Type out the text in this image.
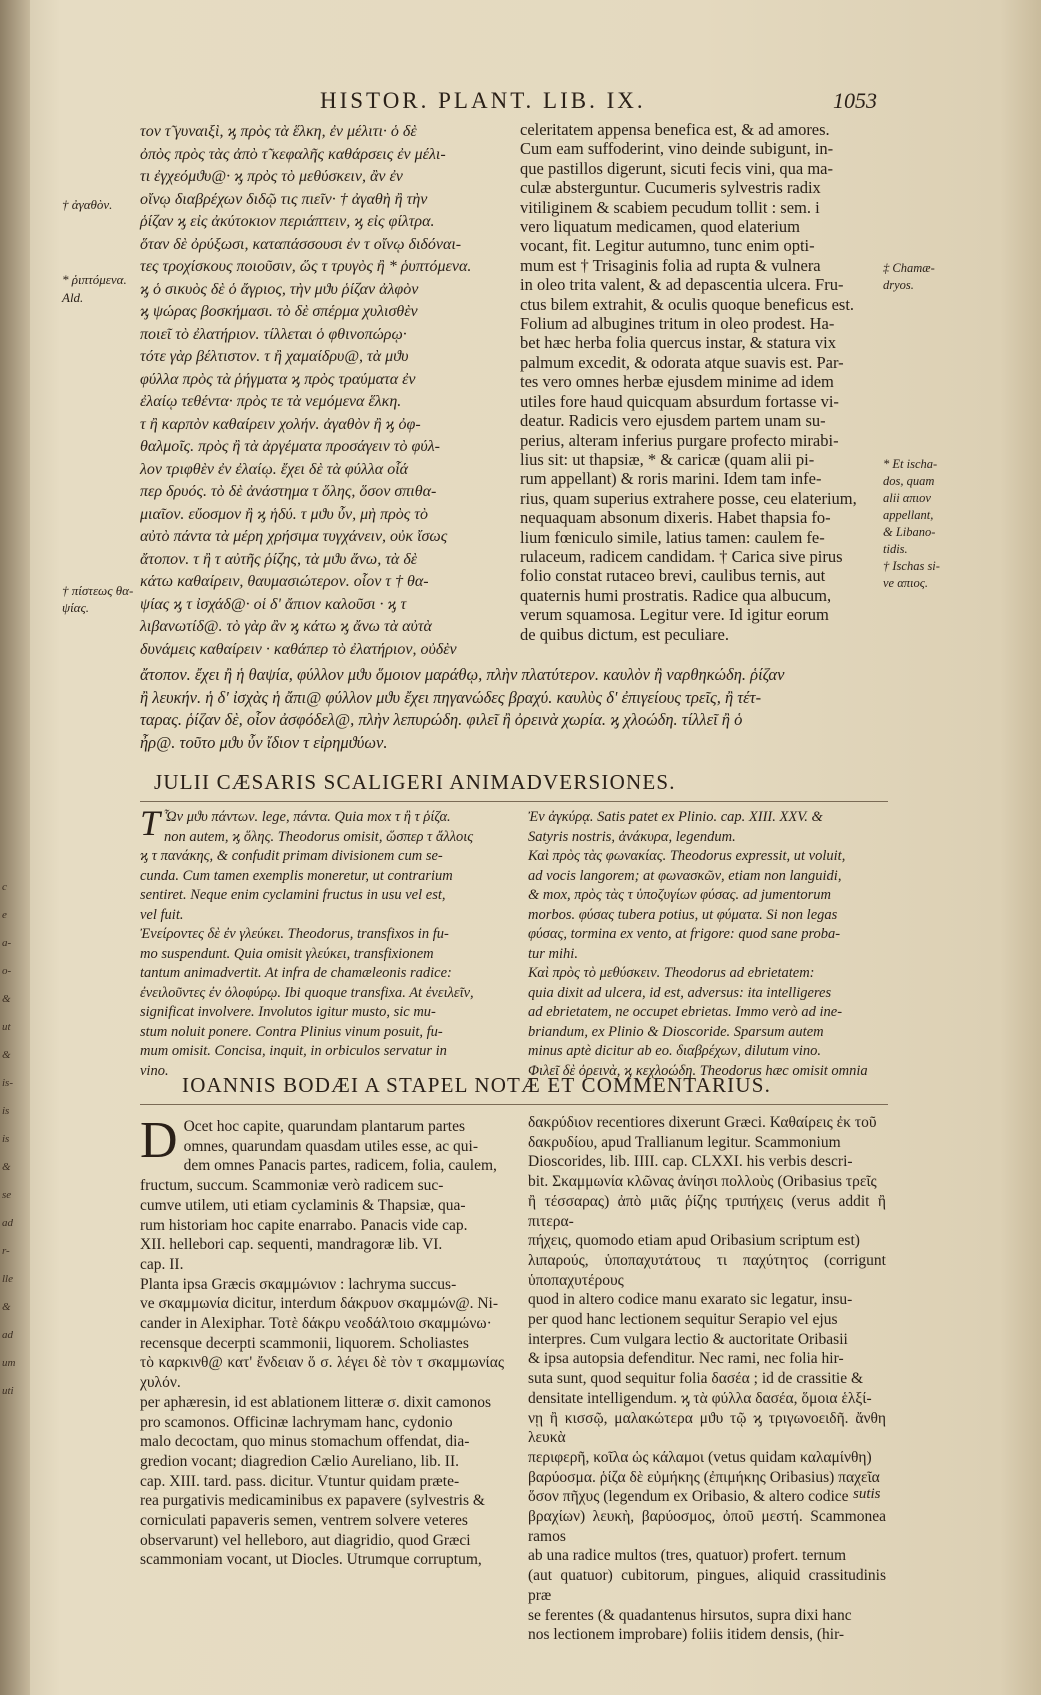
c
e
a-
o-
&
ut
&
is-
is
is
&
se
ad
r-
lle
&
ad
um
uti
HISTOR. PLANT. LIB. IX.	1053

τον τ̃ γυναιξὶ, ϗ πρὸς τὰ ἕλκη, ἐν μέλιτι· ὁ δὲ

ὀπὸς πρὸς τὰς ἀπὸ τ̃ κεφαλῆς καθάρσεις ἐν μέλι-

τι ἐγχεόμϑυ@· ϗ πρὸς τὸ μεθύσκειν, ἂν ἐν

οἴνῳ διαβρέχων διδῷ τις πιεῖν· † ἀγαθὴ ἢ τὴν

ῥίζαν ϗ εἰς ἀκύτοκιον περιάπτειν, ϗ εἰς φίλτρα.

ὅταν δὲ ὀρύξωσι, καταπάσσουσι ἐν τ οἴνῳ διδόναι-

τες τροχίσκους ποιοῦσιν, ὥς τ τρυγὸς ἢ * ῥυπτόμενα.

ϗ ὁ σικυὸς δὲ ὁ ἄγριος, τὴν μϑυ ῥίζαν ἀλφὸν

ϗ ψώρας βοσκήμασι. τὸ δὲ σπέρμα χυλισθὲν

ποιεῖ τὸ ἐλατήριον. τίλλεται ὁ φθινοπώρῳ·

τότε γὰρ βέλτιστον. τ ἢ χαμαίδρυ@, τὰ μϑυ

φύλλα πρὸς τὰ ῥήγματα ϗ πρὸς τραύματα ἐν

ἐλαίῳ τεθέντα· πρὸς τε τὰ νεμόμενα ἕλκη.

τ ἢ καρπὸν καθαίρειν χολήν. ἀγαθὸν ἢ ϗ ὀφ-

θαλμοῖς. πρὸς ἢ τὰ ἀργέματα προσάγειν τὸ φύλ-

λον τριφθὲν ἐν ἐλαίῳ. ἔχει δὲ τὰ φύλλα οἷά

περ δρυός. τὸ δὲ ἀνάστημα τ ὅλης, ὅσον σπιθα-

μιαῖον. εὔοσμον ἢ ϗ ἡδύ. τ μϑυ ὖν, μὴ πρὸς τὸ

αὐτὸ πάντα τὰ μέρη χρήσιμα τυγχάνειν, οὐκ ἴσως

ἄτοπον. τ ἢ τ αὐτῆς ῥίζης, τὰ μϑυ ἄνω, τὰ δὲ

κάτω καθαίρειν, θαυμασιώτερον. οἷον τ † θα-

ψίας ϗ τ ἰσχάδ@· οἱ δ' ἄπιον καλοῦσι · ϗ τ

λιβανωτίδ@. τὸ γὰρ ἂν ϗ κάτω ϗ ἄνω τὰ αὐτὰ

δυνάμεις καθαίρειν · καθάπερ τὸ ἐλατήριον, οὐδὲν

celeritatem appensa benefica est, & ad amores.

Cum eam suffoderint, vino deinde subigunt, in-

que pastillos digerunt, sicuti fecis vini, qua ma-

culæ absterguntur. Cucumeris sylvestris radix

vitiliginem & scabiem pecudum tollit : sem. i

vero liquatum medicamen, quod elaterium

vocant, fit. Legitur autumno, tunc enim opti-

mum est † Trisaginis folia ad rupta & vulnera

in oleo trita valent, & ad depascentia ulcera. Fru-

ctus bilem extrahit, & oculis quoque beneficus est.

Folium ad albugines tritum in oleo prodest. Ha-

bet hæc herba folia quercus instar, & statura vix

palmum excedit, & odorata atque suavis est. Par-

tes vero omnes herbæ ejusdem minime ad idem

utiles fore haud quicquam absurdum fortasse vi-

deatur. Radicis vero ejusdem partem unam su-

perius, alteram inferius purgare profecto mirabi-

lius sit: ut thapsiæ, * & caricæ (quam alii pi-

rum appellant) & roris marini. Idem tam infe-

rius, quam superius extrahere posse, ceu elaterium,

nequaquam absonum dixeris. Habet thapsia fo-

lium fœniculo simile, latius tamen: caulem fe-

rulaceum, radicem candidam. † Carica sive pirus

folio constat rutaceo brevi, caulibus ternis, aut

quaternis humi prostratis. Radice qua albucum,

verum squamosa. Legitur vere. Id igitur eorum

de quibus dictum, est peculiare.

† ἀγαθὸν.
* ῥιπτόμενα.
Ald.
† πίστεως θα-
ψίας.
‡ Chamæ-
dryos.
* Et ischa-
dos, quam
alii απιον
appellant,
& Libano-
tidis.
† Ischas si-
ve απιος.

ἄτοπον. ἔχει ἢ ἡ θαψία, φύλλον μϑυ ὅμοιον μαράθῳ, πλὴν πλατύτερον. καυλὸν ἢ ναρθηκώδη. ῥίζαν

ἢ λευκήν. ἡ δ' ἰσχὰς ἡ ἄπι@ φύλλον μϑυ ἔχει πηγανώδες βραχύ. καυλὺς δ' ἐπιγείους τρεῖς, ἢ τέτ-

ταρας. ῥίζαν δὲ, οἷον ἀσφόδελ@, πλὴν λεπυρώδη. φιλεῖ ἢ ὀρεινὰ χωρία. ϗ χλοώδη. τίλλεῖ ἢ ὁ

ἦρ@. τοῦτο μϑυ ὖν ἴδιον τ εἰρημϑύων.

JULII CÆSARIS SCALIGERI ANIMADVERSIONES.
T Ὧν μϑυ πάντων. lege, πάντα. Quia mox τ ἢ τ ῥίζα.

non autem, ϗ ὅλης. Theodorus omisit, ὥσπερ τ ἄλλοις

ϗ τ πανάκης, & confudit primam divisionem cum se-

cunda. Cum tamen exemplis moneretur, ut contrarium

sentiret. Neque enim cyclamini fructus in usu vel est,

vel fuit.

Ἐνείροντες δὲ ἐν γλεύκει. Theodorus, transfixos in fu-

mo suspendunt. Quia omisit γλεύκει, transfixionem

tantum animadvertit. At infra de chamæleonis radice:

ἐνειλοῦντες ἐν ὀλοφύρῳ. Ibi quoque transfixa. At ἐνειλεῖν,

significat involvere. Involutos igitur musto, sic mu-

stum noluit ponere. Contra Plinius vinum posuit, fu-

mum omisit. Concisa, inquit, in orbiculos servatur in

vino.

Ἐν ἀγκύρᾳ. Satis patet ex Plinio. cap. XIII. XXV. &

Satyris nostris, ἀνάκυρα, legendum.

Καὶ πρὸς τὰς φωνακίας. Theodorus expressit, ut voluit,

ad vocis langorem; at φωνασκῶν, etiam non languidi,

& mox, πρὸς τὰς τ ὑποζυγίων φύσας. ad jumentorum

morbos. φύσας tubera potius, ut φύματα. Si non legas

φύσας, tormina ex vento, at frigore: quod sane proba-

tur mihi.

Καὶ πρὸς τὸ μεθύσκειν. Theodorus ad ebrietatem:

quia dixit ad ulcera, id est, adversus: ita intelligeres

ad ebrietatem, ne occupet ebrietas. Immo verò ad ine-

briandum, ex Plinio & Dioscoride. Sparsum autem

minus aptè dicitur ab eo. διαβρέχων, dilutum vino.

Φιλεῖ δὲ ὀρεινὰ, ϗ κεχλοώδη. Theodorus hæc omisit omnia

IOANNIS BODÆI A STAPEL NOTÆ ET COMMENTARIUS.
D Ocet hoc capite, quarundam plantarum partes

omnes, quarundam quasdam utiles esse, ac qui-

dem omnes Panacis partes, radicem, folia, caulem,

fructum, succum. Scammoniæ verò radicem suc-

cumve utilem, uti etiam cyclaminis & Thapsiæ, qua-

rum historiam hoc capite enarrabo. Panacis vide cap.

XII. hellebori cap. sequenti, mandragoræ lib. VI.

cap. II.

Planta ipsa Græcis σκαμμώνιον : lachryma succus-

ve σκαμμωνία dicitur, interdum δάκρυον σκαμμών@. Ni-

cander in Alexiphar. Τοτὲ δάκρυ νεοδάλτοιο σκαμμώνω·

recensque decerpti scammonii, liquorem. Scholiastes

τὸ καρκινθ@ κατ' ἔνδειαν ὅ σ. λέγει δὲ τὸν τ σκαμμωνίας χυλόν.

per aphæresin, id est ablationem litteræ σ. dixit camonos

pro scamonos. Officinæ lachrymam hanc, cydonio

malo decoctam, quo minus stomachum offendat, dia-

gredion vocant; diagredion Cælio Aureliano, lib. II.

cap. XIII. tard. pass. dicitur. Vtuntur quidam præte-

rea purgativis medicaminibus ex papavere (sylvestris &

corniculati papaveris semen, ventrem solvere veteres

observarunt) vel helleboro, aut diagridio, quod Græci

scammoniam vocant, ut Diocles. Utrumque corruptum,

δακρύδιον recentiores dixerunt Græci. Καθαίρεις ἐκ τοῦ

δακρυδίου, apud Trallianum legitur. Scammonium

Dioscorides, lib. IIII. cap. CLXXI. his verbis descri-

bit. Σκαμμωνία κλῶνας ἀνίησι πολλοὺς (Oribasius τρεῖς

ἢ τέσσαρας) ἀπὸ μιᾶς ῥίζης τριπήχεις (verus addit ἢ πιτερα-

πήχεις, quomodo etiam apud Oribasium scriptum est)

λιπαρούς, ὑποπαχυτάτους τι παχύτητος (corrigunt ὑποπαχυτέρους

quod in altero codice manu exarato sic legatur, insu-

per quod hanc lectionem sequitur Serapio vel ejus

interpres. Cum vulgara lectio & auctoritate Oribasii

& ipsa autopsia defenditur. Nec rami, nec folia hir-

suta sunt, quod sequitur folia δασέα ; id de crassitie &

densitate intelligendum. ϗ τὰ φύλλα δασέα, ὅμοια ἑλξί-

νῃ ἢ κισσῷ, μαλακώτερα μϑυ τῷ ϗ τριγωνοειδῆ. ἄνθη λευκὰ

περιφερῆ, κοῖλα ὡς κάλαμοι (vetus quidam καλαμίνθη)

βαρύοσμα. ῥίζα δὲ εὐμήκης (ἐπιμήκης Oribasius) παχεῖα

ὅσον πῆχυς (legendum ex Oribasio, & altero codice

βραχίων) λευκὴ, βαρύοσμος, ὀποῦ μεστή. Scammonea ramos

ab una radice multos (tres, quatuor) profert. ternum

(aut quatuor) cubitorum, pingues, aliquid crassitudinis præ

se ferentes (& quadantenus hirsutos, supra dixi hanc

nos lectionem improbare) foliis itidem densis, (hir-

sutis
